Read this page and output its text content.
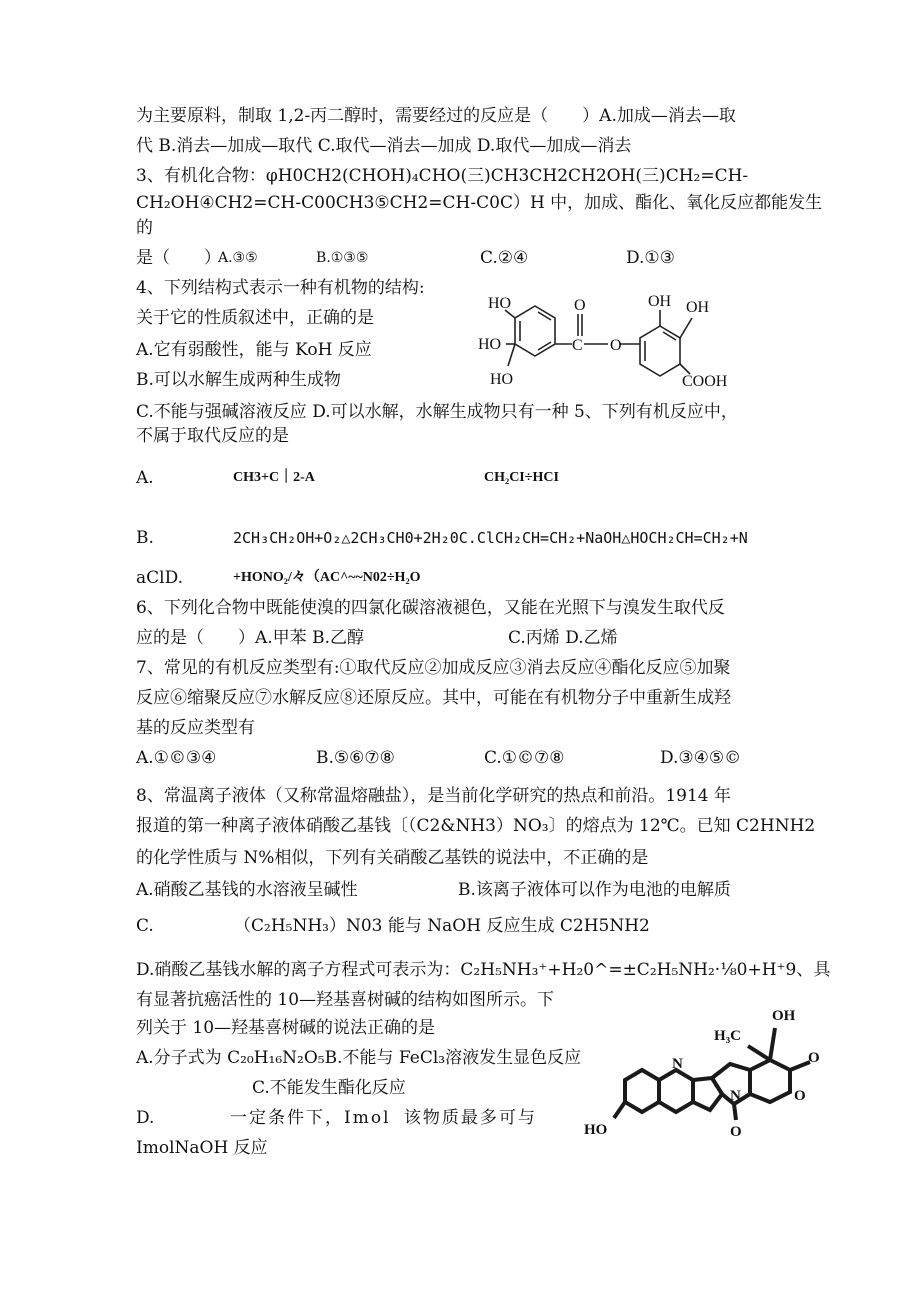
为主要原料，制取 1,2-丙二醇时，需要经过的反应是（　　）A.加成—消去—取
代 B.消去—加成—取代 C.取代—消去—加成 D.取代—加成—消去
3、有机化合物：φH0CH2(CHOH)₄CHO(三)CH3CH2CH2OH(三)CH₂=CH-
CH₂OH④CH2=CH-C00CH3⑤CH2=CH-C0C）H 中，加成、酯化、氧化反应都能发生
的
是（　　）
A.③⑤	B.①③⑤	C.②④	D.①③
4、下列结构式表示一种有机物的结构:
关于它的性质叙述中，正确的是
A.它有弱酸性，能与 KoH 反应
B.可以水解生成两种生成物
C.不能与强碱溶液反应 D.可以水解，水解生成物只有一种 5、下列有机反应中，
不属于取代反应的是
HO
HO
HO
O
C O
OH OH
COOH
A.	CH3+C｜2-A	CH₂CI÷HCI
B.	2CH₃CH₂OH+O₂△2CH₃CH0+2H₂0C.ClCH₂CH=CH₂+NaOH△HOCH₂CH=CH₂+N
aClD.	+HONO₂/々（AC^~~N02÷H₂O
6、下列化合物中既能使溴的四氯化碳溶液褪色，又能在光照下与溴发生取代反
应的是（　　）A.甲苯 B.乙醇	C.丙烯 D.乙烯
7、常见的有机反应类型有:①取代反应②加成反应③消去反应④酯化反应⑤加聚
反应⑥缩聚反应⑦水解反应⑧还原反应。其中，可能在有机物分子中重新生成羟
基的反应类型有
A.①©③④	B.⑤⑥⑦⑧	C.①©⑦⑧	D.③④⑤©
8、常温离子液体（又称常温熔融盐），是当前化学研究的热点和前沿。1914 年
报道的第一种离子液体硝酸乙基钱〔（C2&NH3）NO₃〕的熔点为 12℃。已知 C2HNH2
的化学性质与 N%相似，下列有关硝酸乙基铁的说法中，不正确的是
A.硝酸乙基钱的水溶液呈碱性	B.该离子液体可以作为电池的电解质
C.	（C₂H₅NH₃）N03 能与 NaOH 反应生成 C2H5NH2
D.硝酸乙基钱水解的离子方程式可表示为：C₂H₅NH₃⁺+H₂0^=±C₂H₅NH₂·⅛0+H⁺9、具
有显著抗癌活性的 10—羟基喜树碱的结构如图所示。下
列关于 10—羟基喜树碱的说法正确的是
A.分子式为 C₂₀H₁₆N₂O₅B.不能与 FeCl₃溶液发生显色反应
C.不能发生酯化反应
D.	一定条件下，Imol 该物质最多可与
ImolNaOH 反应
OH
H₃C
O
O
N
N
O
HO
